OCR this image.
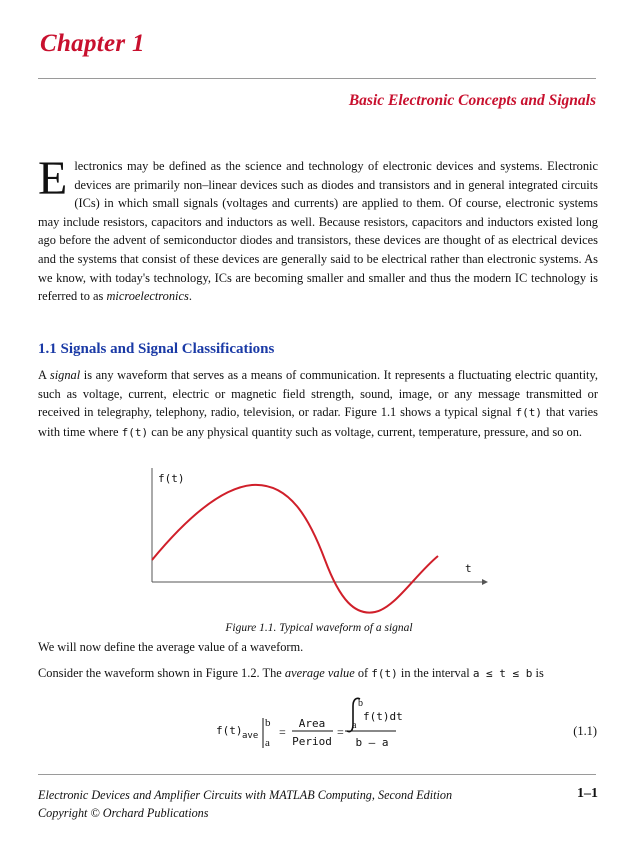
Chapter 1
Basic Electronic Concepts and Signals
E lectronics may be defined as the science and technology of electronic devices and systems. Electronic devices are primarily non–linear devices such as diodes and transistors and in general integrated circuits (ICs) in which small signals (voltages and currents) are applied to them. Of course, electronic systems may include resistors, capacitors and inductors as well. Because resistors, capacitors and inductors existed long ago before the advent of semiconductor diodes and transistors, these devices are thought of as electrical devices and the systems that consist of these devices are generally said to be electrical rather than electronic systems. As we know, with today's technology, ICs are becoming smaller and smaller and thus the modern IC technology is referred to as microelectronics.
1.1 Signals and Signal Classifications
A signal is any waveform that serves as a means of communication. It represents a fluctuating electric quantity, such as voltage, current, electric or magnetic field strength, sound, image, or any message transmitted or received in telegraphy, telephony, radio, television, or radar. Figure 1.1 shows a typical signal f(t) that varies with time where f(t) can be any physical quantity such as voltage, current, temperature, pressure, and so on.
f(t)
t
Figure 1.1. Typical waveform of a signal
We will now define the average value of a waveform.
Consider the waveform shown in Figure 1.2. The average value of f(t) in the interval a ≤ t ≤ b is
f(t) ave
b
a
=
Area
Period
=
b
a
f(t)dt
b – a
(1.1)
Electronic Devices and Amplifier Circuits with MATLAB Computing, Second Edition
Copyright © Orchard Publications
1–1
